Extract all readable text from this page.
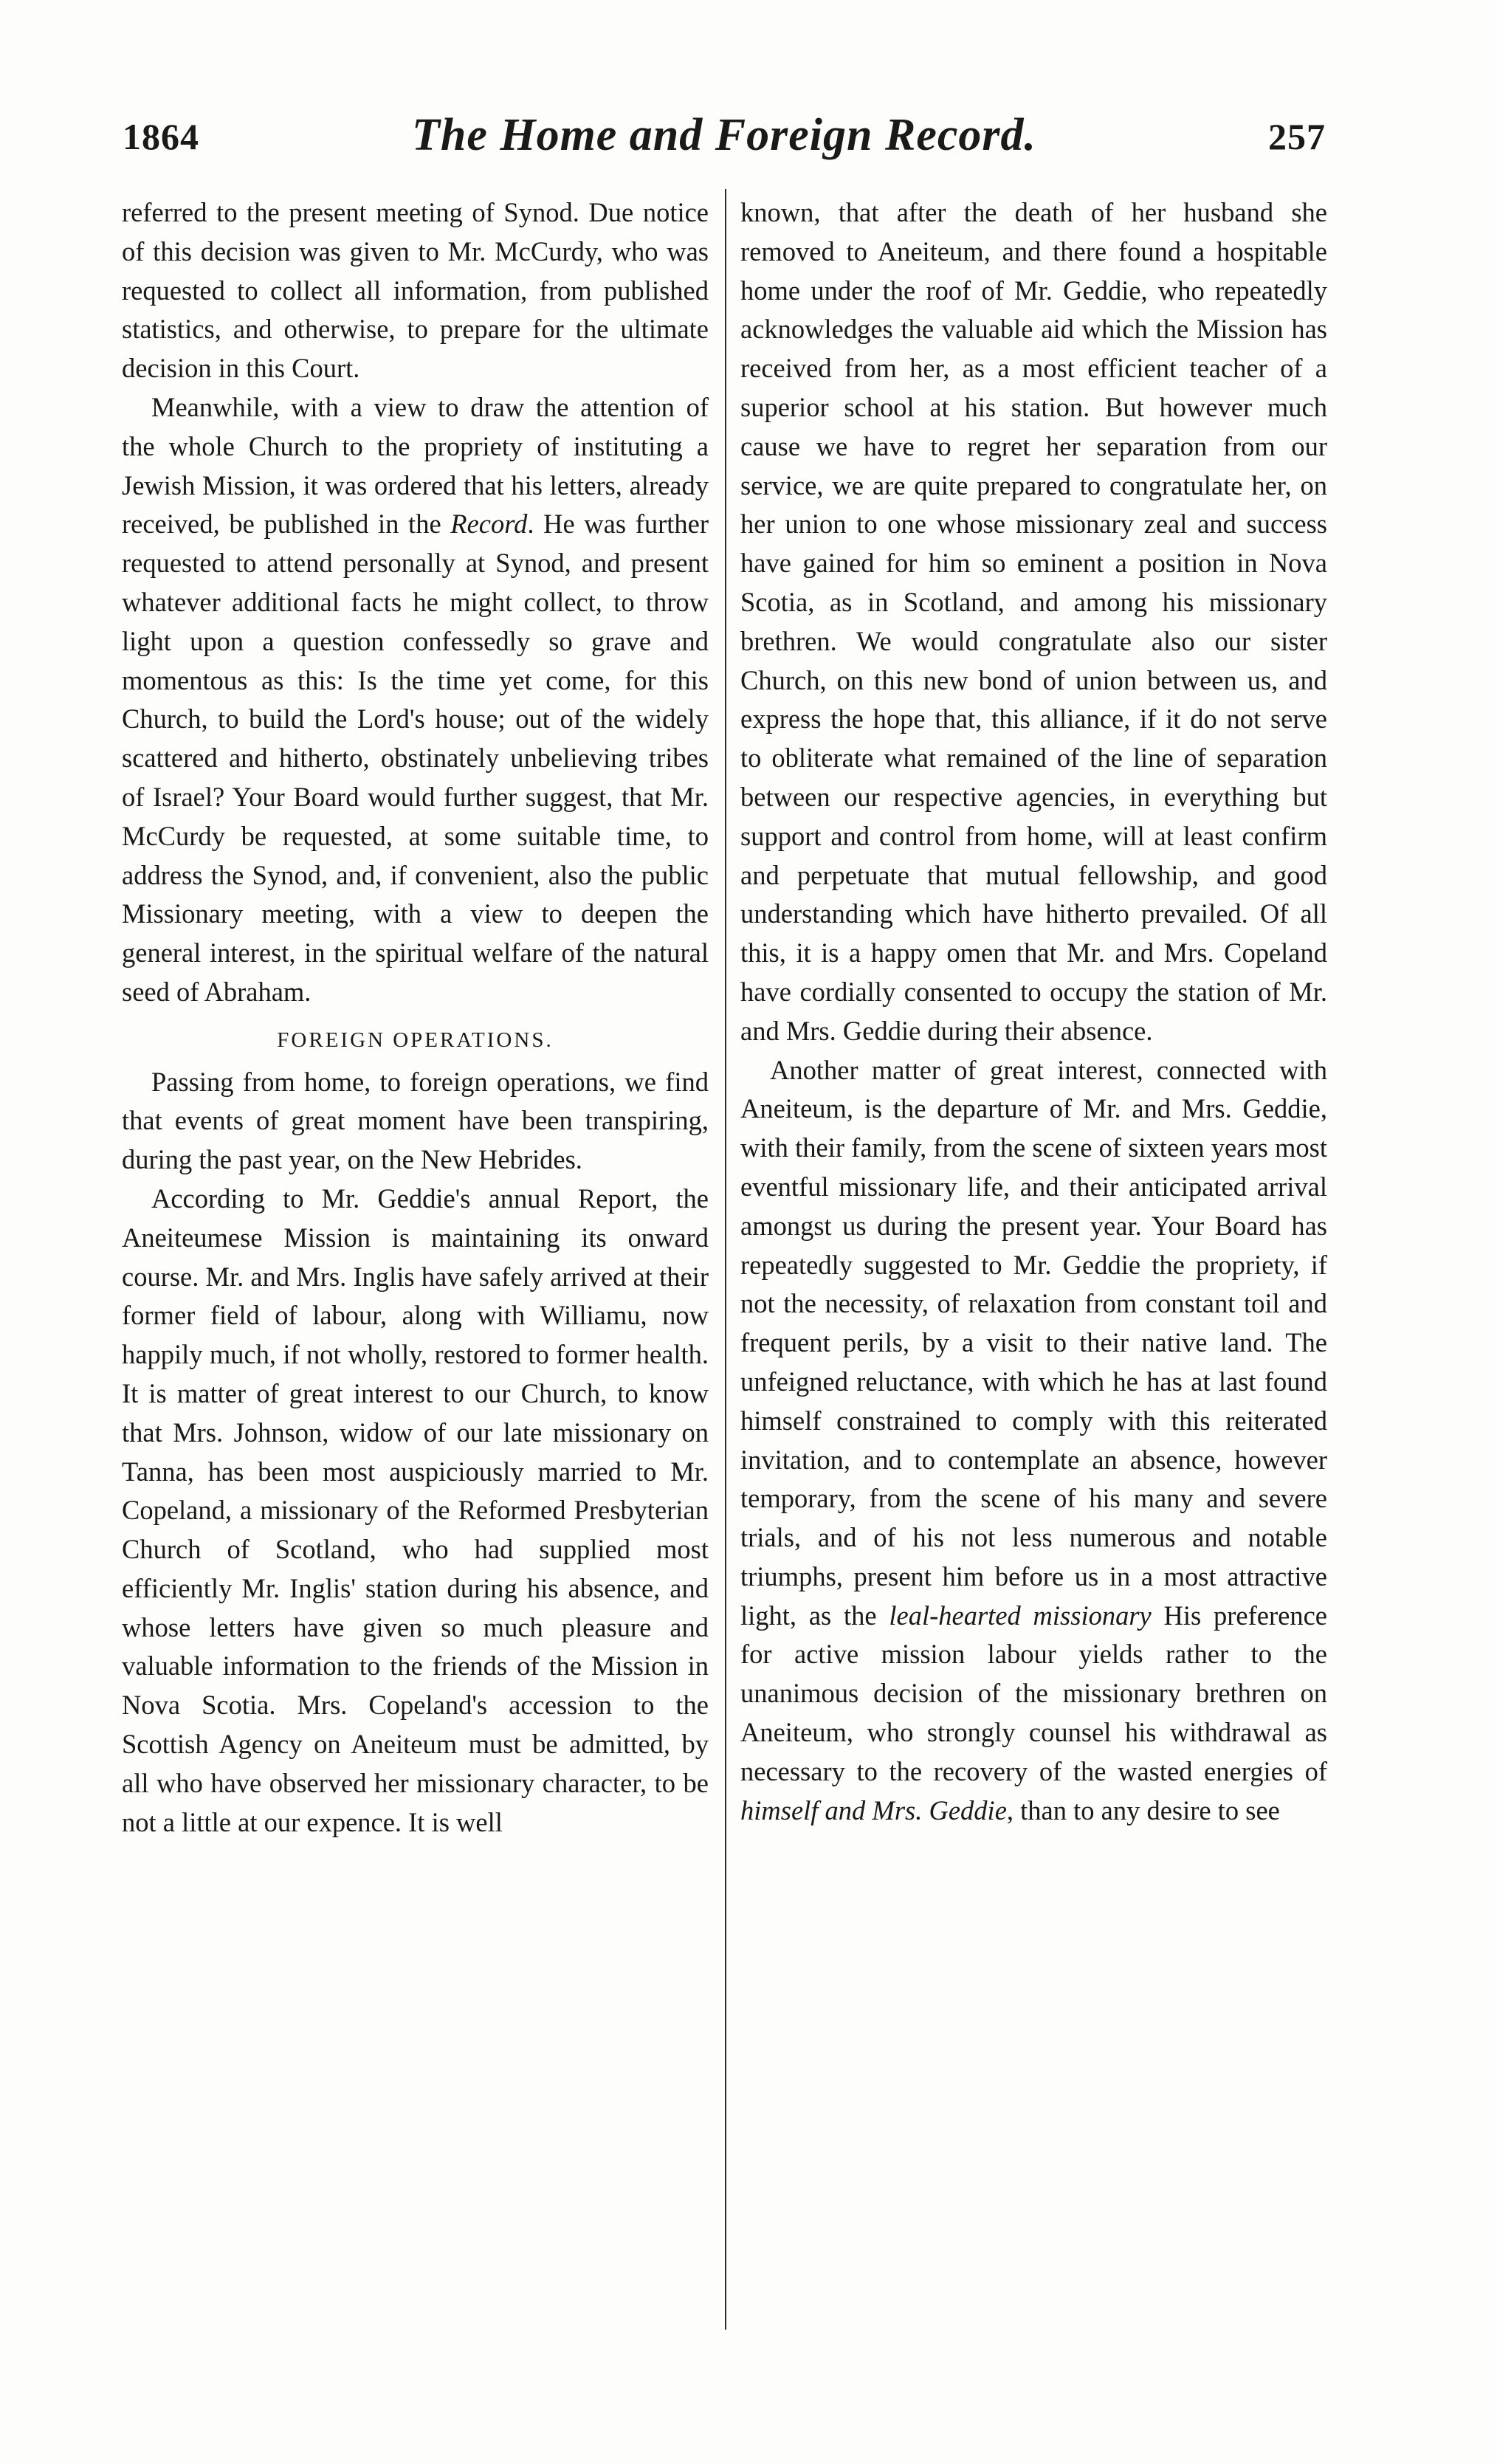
1864	The Home and Foreign Record.	257

referred to the present meeting of Synod. Due notice of this decision was given to Mr. McCurdy, who was requested to collect all information, from published statistics, and otherwise, to prepare for the ultimate decision in this Court.

Meanwhile, with a view to draw the attention of the whole Church to the propriety of instituting a Jewish Mission, it was ordered that his letters, already received, be published in the Record. He was further requested to attend personally at Synod, and present whatever additional facts he might collect, to throw light upon a question confessedly so grave and momentous as this: Is the time yet come, for this Church, to build the Lord's house; out of the widely scattered and hitherto, obstinately unbelieving tribes of Israel? Your Board would further suggest, that Mr. McCurdy be requested, at some suitable time, to address the Synod, and, if convenient, also the public Missionary meeting, with a view to deepen the general interest, in the spiritual welfare of the natural seed of Abraham.

FOREIGN OPERATIONS.

Passing from home, to foreign operations, we find that events of great moment have been transpiring, during the past year, on the New Hebrides.

According to Mr. Geddie's annual Report, the Aneiteumese Mission is maintaining its onward course. Mr. and Mrs. Inglis have safely arrived at their former field of labour, along with Williamu, now happily much, if not wholly, restored to former health. It is matter of great interest to our Church, to know that Mrs. Johnson, widow of our late missionary on Tanna, has been most auspiciously married to Mr. Copeland, a missionary of the Reformed Presbyterian Church of Scotland, who had supplied most efficiently Mr. Inglis' station during his absence, and whose letters have given so much pleasure and valuable information to the friends of the Mission in Nova Scotia. Mrs. Copeland's accession to the Scottish Agency on Aneiteum must be admitted, by all who have observed her missionary character, to be not a little at our expence. It is well

known, that after the death of her husband she removed to Aneiteum, and there found a hospitable home under the roof of Mr. Geddie, who repeatedly acknowledges the valuable aid which the Mission has received from her, as a most efficient teacher of a superior school at his station. But however much cause we have to regret her separation from our service, we are quite prepared to congratulate her, on her union to one whose missionary zeal and success have gained for him so eminent a position in Nova Scotia, as in Scotland, and among his missionary brethren. We would congratulate also our sister Church, on this new bond of union between us, and express the hope that, this alliance, if it do not serve to obliterate what remained of the line of separation between our respective agencies, in everything but support and control from home, will at least confirm and perpetuate that mutual fellowship, and good understanding which have hitherto prevailed. Of all this, it is a happy omen that Mr. and Mrs. Copeland have cordially consented to occupy the station of Mr. and Mrs. Geddie during their absence.

Another matter of great interest, connected with Aneiteum, is the departure of Mr. and Mrs. Geddie, with their family, from the scene of sixteen years most eventful missionary life, and their anticipated arrival amongst us during the present year. Your Board has repeatedly suggested to Mr. Geddie the propriety, if not the necessity, of relaxation from constant toil and frequent perils, by a visit to their native land. The unfeigned reluctance, with which he has at last found himself constrained to comply with this reiterated invitation, and to contemplate an absence, however temporary, from the scene of his many and severe trials, and of his not less numerous and notable triumphs, present him before us in a most attractive light, as the leal-hearted missionary His preference for active mission labour yields rather to the unanimous decision of the missionary brethren on Aneiteum, who strongly counsel his withdrawal as necessary to the recovery of the wasted energies of himself and Mrs. Geddie, than to any desire to see
